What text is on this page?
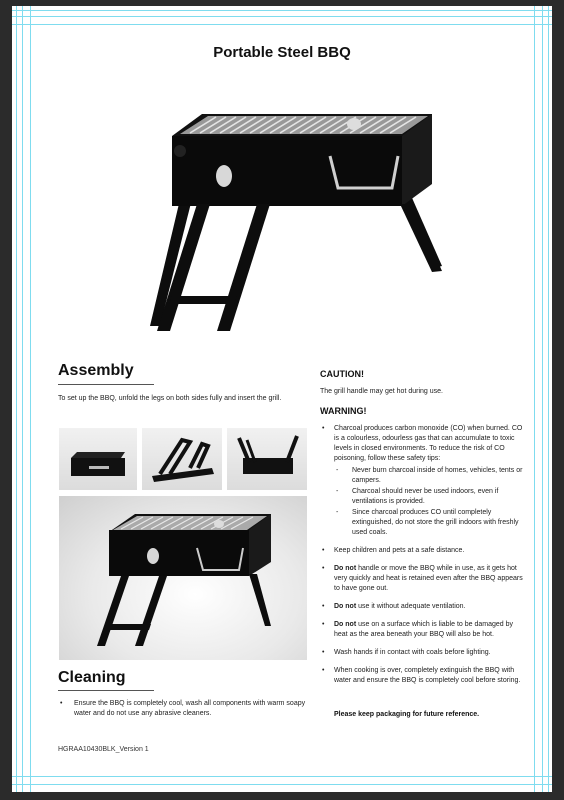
Portable Steel BBQ
Assembly
To set up the BBQ, unfold the legs on both sides fully and insert the grill.
Cleaning
• Ensure the BBQ is completely cool, wash all components with warm soapy water and do not use any abrasive cleaners.
HGRAA10430BLK_Version 1
CAUTION!
The grill handle may get hot during use.
WARNING!
• Charcoal produces carbon monoxide (CO) when burned. CO is a colourless, odourless gas that can accumulate to toxic levels in closed environments. To reduce the risk of CO poisoning, follow these safety tips:
- Never burn charcoal inside of homes, vehicles, tents or campers.
- Charcoal should never be used indoors, even if ventilations is provided.
- Since charcoal produces CO until completely extinguished, do not store the grill indoors with freshly used coals.
• Keep children and pets at a safe distance.
• Do not handle or move the BBQ while in use, as it gets hot very quickly and heat is retained even after the BBQ appears to have gone out.
• Do not use it without adequate ventilation.
• Do not use on a surface which is liable to be damaged by heat as the area beneath your BBQ will also be hot.
• Wash hands if in contact with coals before lighting.
• When cooking is over, completely extinguish the BBQ with water and ensure the BBQ is completely cool before storing.
Please keep packaging for future reference.
